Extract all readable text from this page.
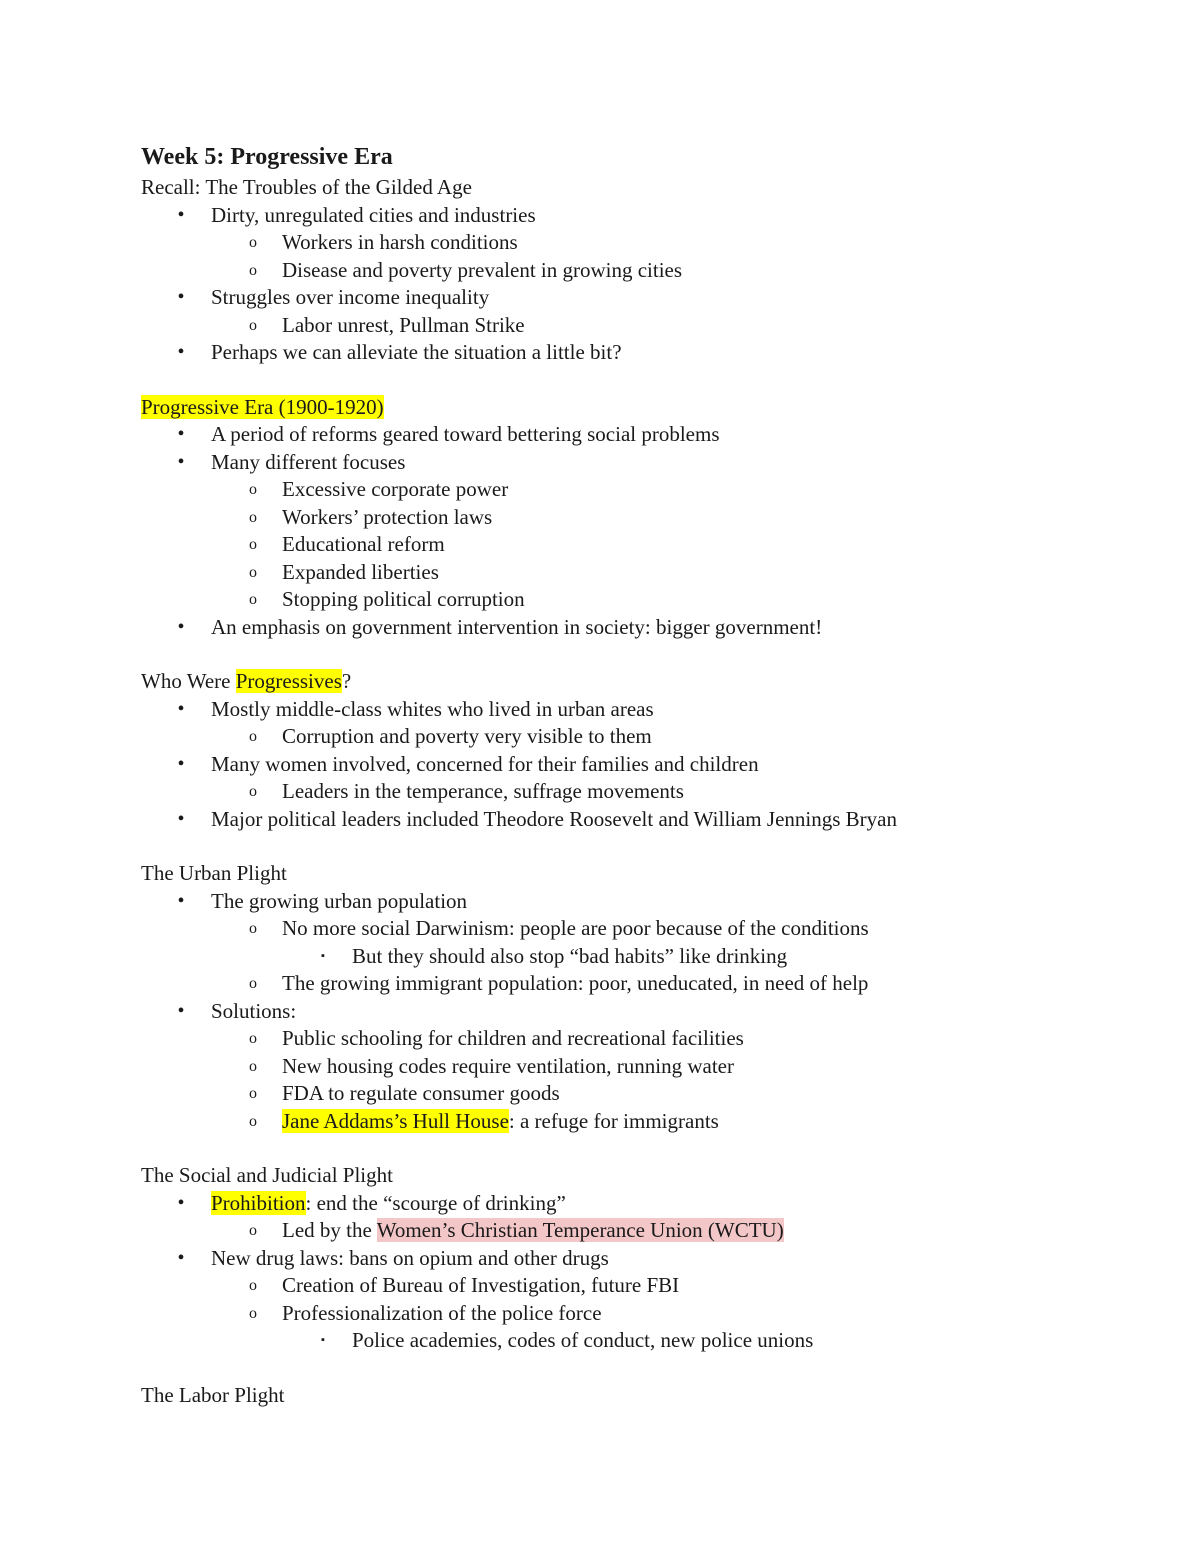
Week 5: Progressive Era
Recall: The Troubles of the Gilded Age
•	Dirty, unregulated cities and industries
o Workers in harsh conditions
o Disease and poverty prevalent in growing cities
•	Struggles over income inequality
o Labor unrest, Pullman Strike
•	Perhaps we can alleviate the situation a little bit?
Progressive Era (1900-1920)
•	A period of reforms geared toward bettering social problems
•	Many different focuses
o Excessive corporate power
o Workers’ protection laws
o Educational reform
o Expanded liberties
o Stopping political corruption
•	An emphasis on government intervention in society: bigger government!
Who Were Progressives?
•	Mostly middle-class whites who lived in urban areas
o Corruption and poverty very visible to them
•	Many women involved, concerned for their families and children
o Leaders in the temperance, suffrage movements
•	Major political leaders included Theodore Roosevelt and William Jennings Bryan
The Urban Plight
•	The growing urban population
o No more social Darwinism: people are poor because of the conditions
▪	But they should also stop “bad habits” like drinking
o The growing immigrant population: poor, uneducated, in need of help
•	Solutions:
o Public schooling for children and recreational facilities
o New housing codes require ventilation, running water
o FDA to regulate consumer goods
o Jane Addams’s Hull House: a refuge for immigrants
The Social and Judicial Plight
•	Prohibition: end the “scourge of drinking”
o Led by the Women’s Christian Temperance Union (WCTU)
•	New drug laws: bans on opium and other drugs
o Creation of Bureau of Investigation, future FBI
o Professionalization of the police force
▪	Police academies, codes of conduct, new police unions
The Labor Plight
